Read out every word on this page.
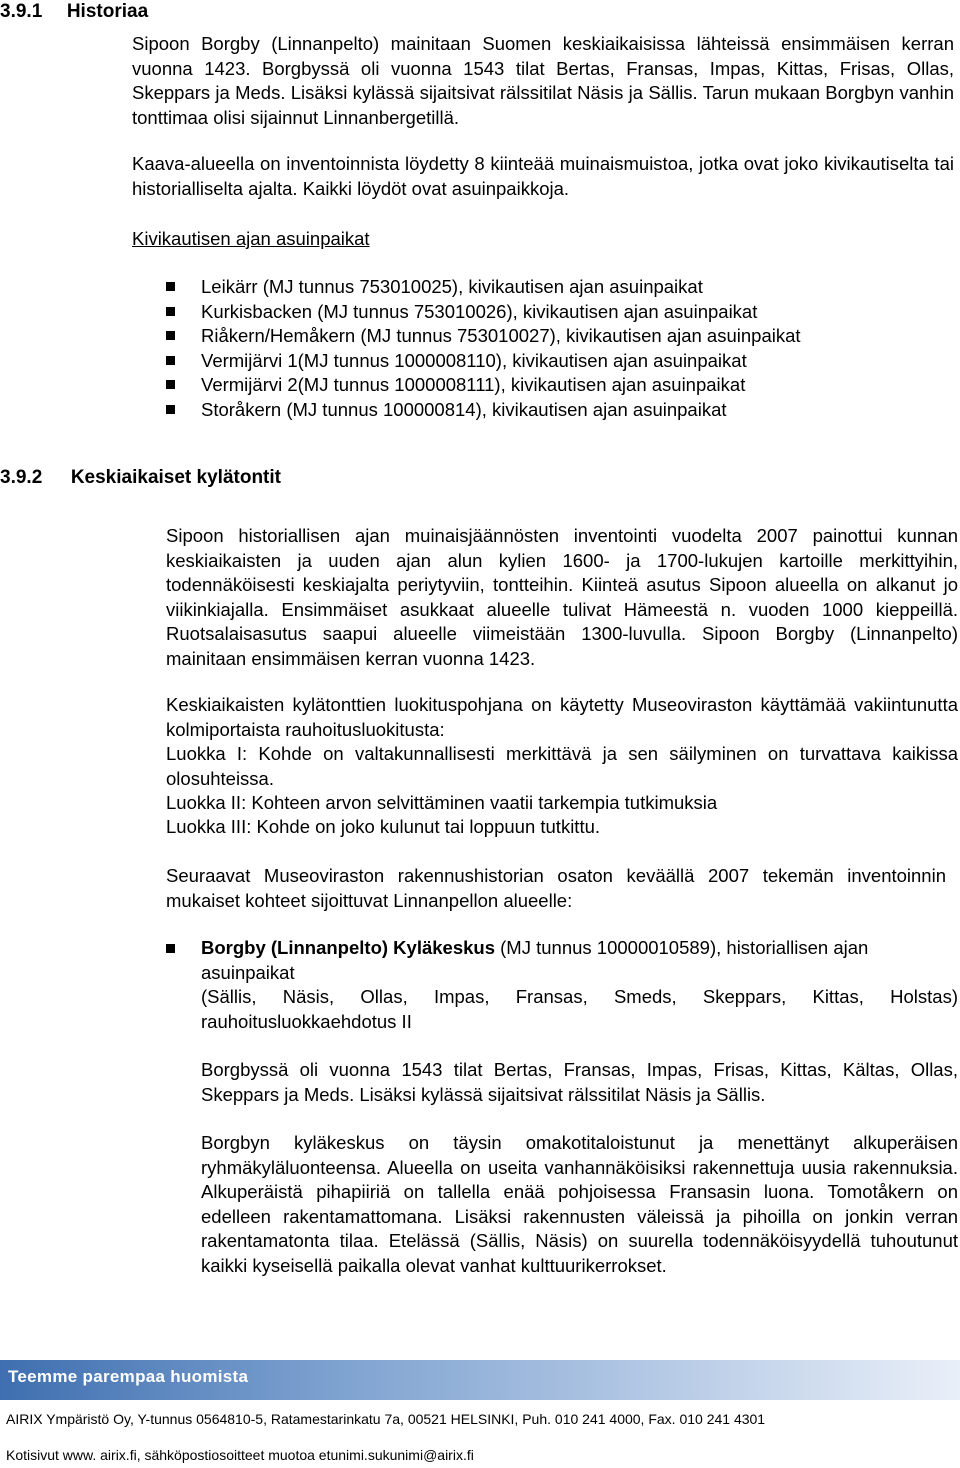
3.9.1 Historiaa
Sipoon Borgby (Linnanpelto) mainitaan Suomen keskiaikaisissa lähteissä ensimmäisen kerran vuonna 1423. Borgbyssä oli vuonna 1543 tilat Bertas, Fransas, Impas, Kittas, Frisas, Ollas, Skeppars ja Meds. Lisäksi kylässä sijaitsivat rälssitilat Näsis ja Sällis. Tarun mukaan Borgbyn vanhin tonttimaa olisi sijainnut Linnanbergetillä.
Kaava-alueella on inventoinnista löydetty 8 kiinteää muinaismuistoa, jotka ovat joko kivikautiselta tai historialliselta ajalta. Kaikki löydöt ovat asuinpaikkoja.
Kivikautisen ajan asuinpaikat
Leikärr (MJ tunnus 753010025), kivikautisen ajan asuinpaikat
Kurkisbacken (MJ tunnus 753010026), kivikautisen ajan asuinpaikat
Riåkern/Hemåkern (MJ tunnus 753010027), kivikautisen ajan asuinpaikat
Vermijärvi 1(MJ tunnus 1000008110), kivikautisen ajan asuinpaikat
Vermijärvi 2(MJ tunnus 1000008111), kivikautisen ajan asuinpaikat
Storåkern (MJ tunnus 100000814), kivikautisen ajan asuinpaikat
3.9.2 Keskiaikaiset kylätontit
Sipoon historiallisen ajan muinaisjäännösten inventointi vuodelta 2007 painottui kunnan keskiaikaisten ja uuden ajan alun kylien 1600- ja 1700-lukujen kartoille merkittyihin, todennäköisesti keskiajalta periytyviin, tontteihin. Kiinteä asutus Sipoon alueella on alkanut jo viikinkiajalla. Ensimmäiset asukkaat alueelle tulivat Hämeestä n. vuoden 1000 kieppeillä. Ruotsalaisasutus saapui alueelle viimeistään 1300-luvulla. Sipoon Borgby (Linnanpelto) mainitaan ensimmäisen kerran vuonna 1423.
Keskiaikaisten kylätonttien luokituspohjana on käytetty Museoviraston käyttämää vakiintunutta kolmiportaista rauhoitusluokitusta:
Luokka I: Kohde on valtakunnallisesti merkittävä ja sen säilyminen on turvattava kaikissa olosuhteissa.
Luokka II: Kohteen arvon selvittäminen vaatii tarkempia tutkimuksia
Luokka III: Kohde on joko kulunut tai loppuun tutkittu.
Seuraavat Museoviraston rakennushistorian osaton keväällä 2007 tekemän inventoinnin mukaiset kohteet sijoittuvat Linnanpellon alueelle:
Borgby (Linnanpelto) Kyläkeskus (MJ tunnus 10000010589), historiallisen ajan asuinpaikat
(Sällis, Näsis, Ollas, Impas, Fransas, Smeds, Skeppars, Kittas, Holstas) rauhoitusluokkaehdotus II
Borgbyssä oli vuonna 1543 tilat Bertas, Fransas, Impas, Frisas, Kittas, Kältas, Ollas, Skeppars ja Meds. Lisäksi kylässä sijaitsivat rälssitilat Näsis ja Sällis.
Borgbyn kyläkeskus on täysin omakotitaloistunut ja menettänyt alkuperäisen ryhmäkyläluonteensa. Alueella on useita vanhannäköisiksi rakennettuja uusia rakennuksia. Alkuperäistä pihapiiriä on tallella enää pohjoisessa Fransasin luona. Tomotåkern on edelleen rakentamattomana. Lisäksi rakennusten väleissä ja pihoilla on jonkin verran rakentamatonta tilaa. Etelässä (Sällis, Näsis) on suurella todennäköisyydellä tuhoutunut kaikki kyseisellä paikalla olevat vanhat kulttuurikerrokset.
Teemme parempaa huomista
AIRIX Ympäristö Oy, Y-tunnus 0564810-5, Ratamestarinkatu 7a, 00521 HELSINKI, Puh. 010 241 4000, Fax. 010 241 4301
Kotisivut www. airix.fi, sähköpostiosoitteet muotoa etunimi.sukunimi@airix.fi
